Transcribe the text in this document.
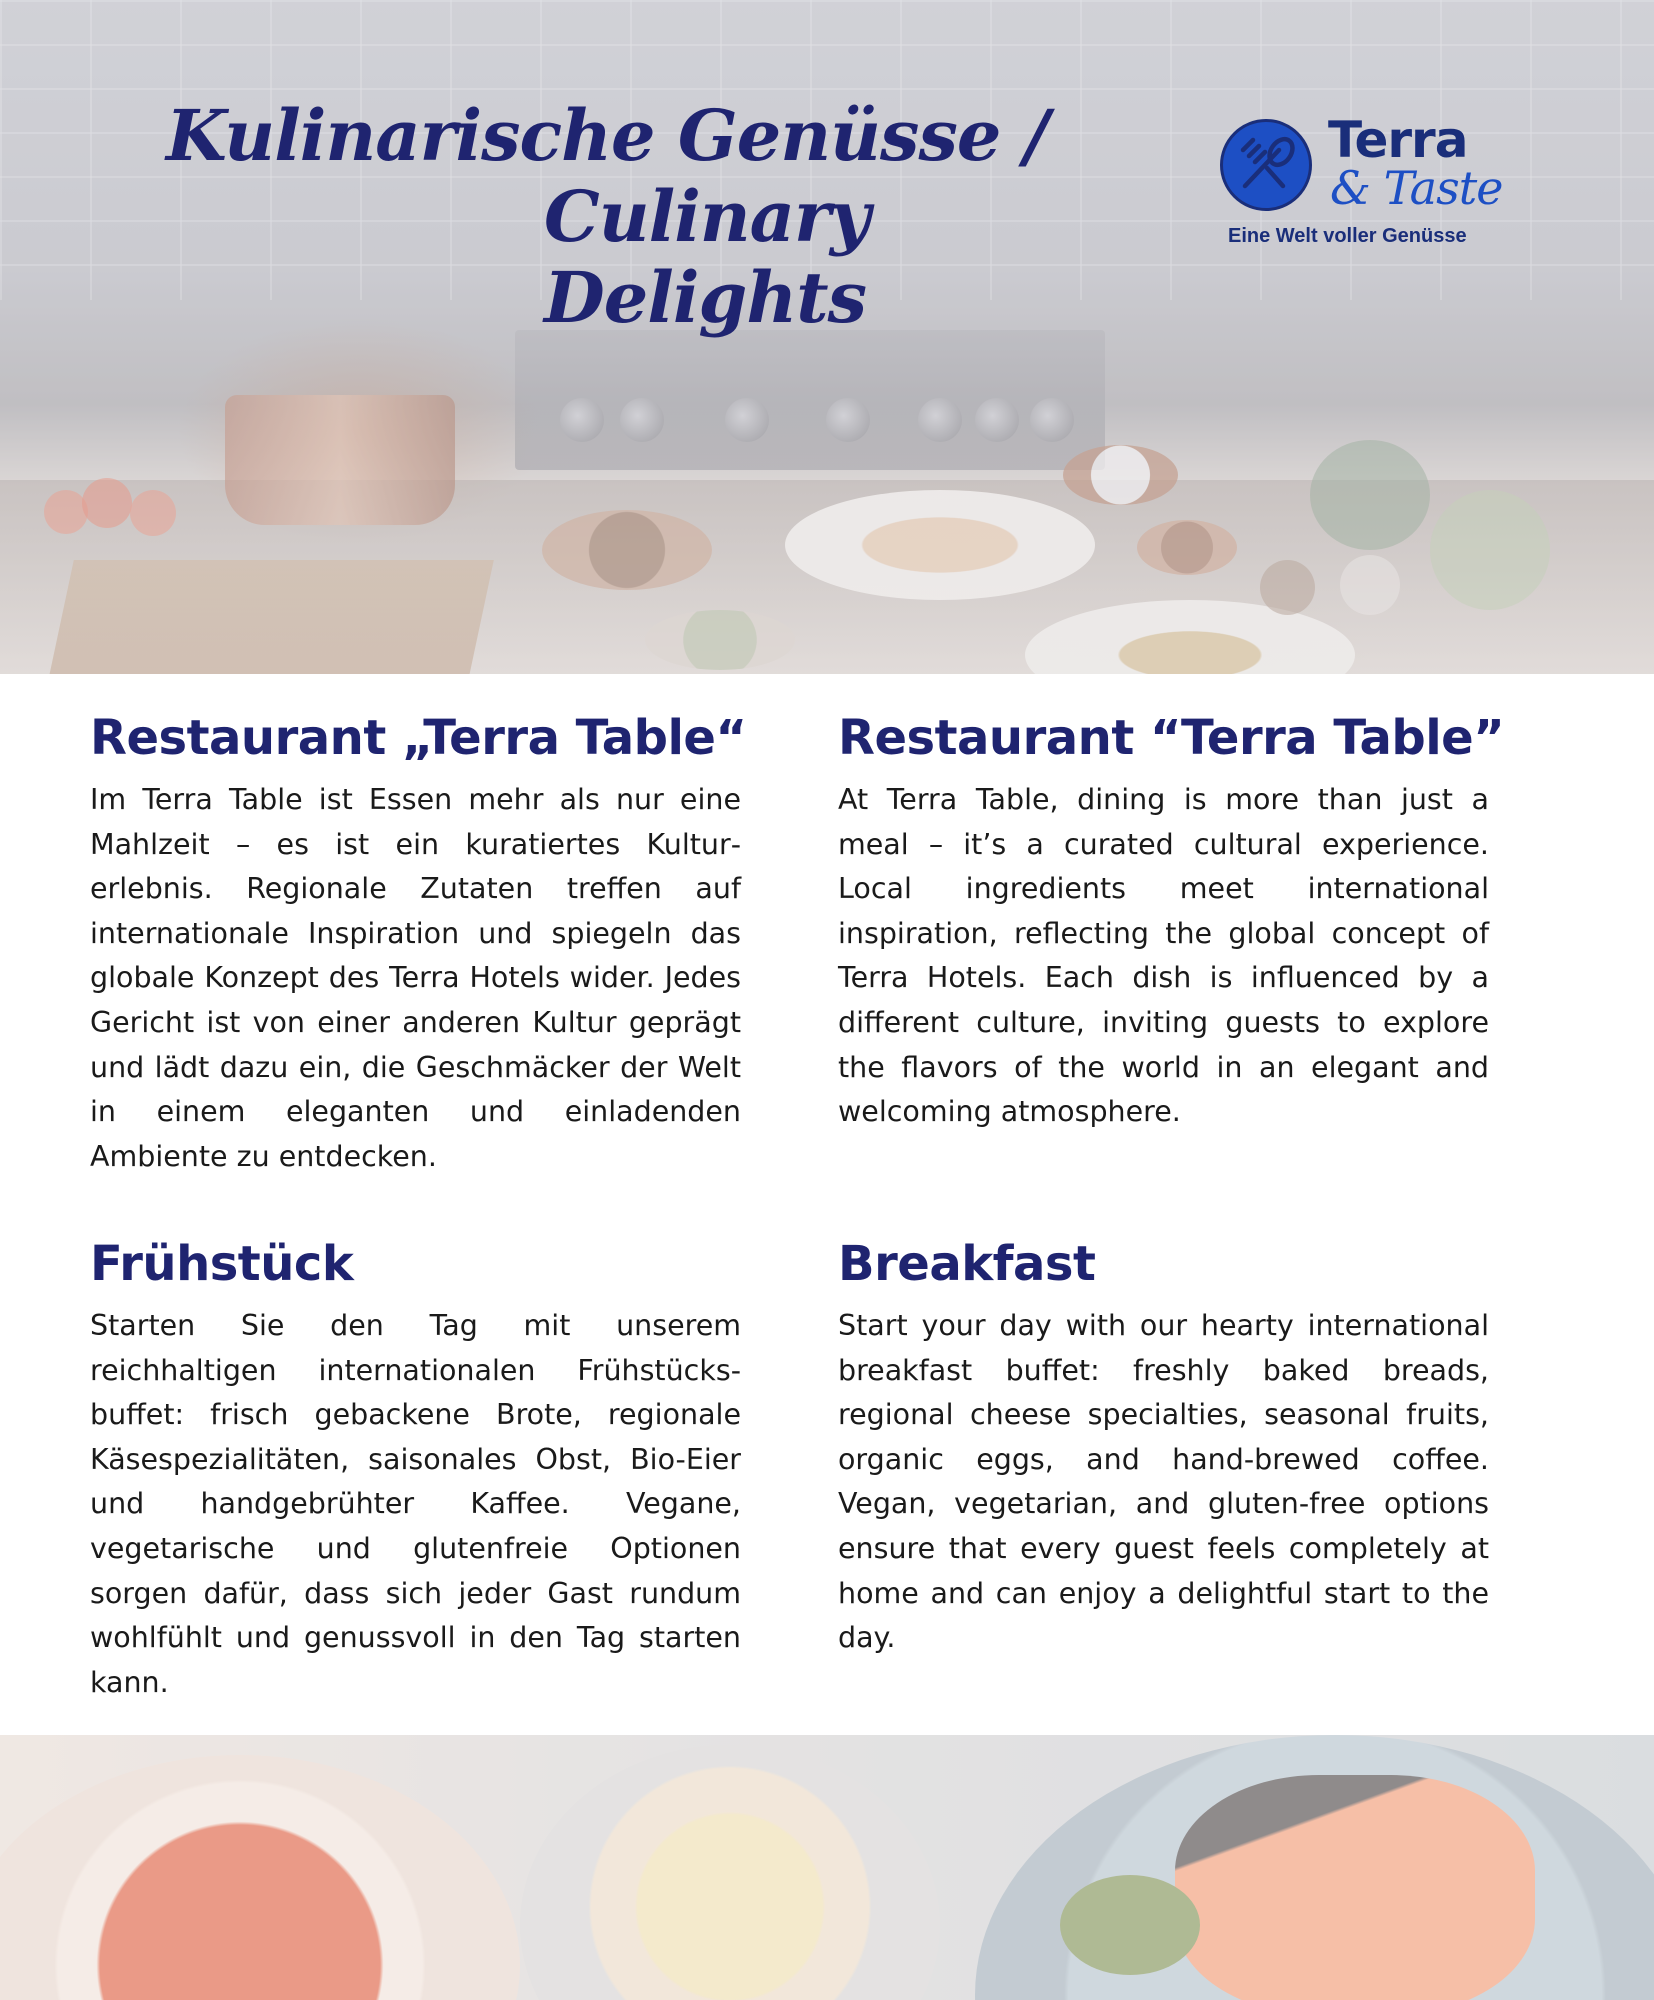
Kulinarische Genüsse /
Culinary Delights
Terra
& Taste
Eine Welt voller Genüsse
Restaurant „Terra Table“

Im Terra Table ist Essen mehr als nur eine Mahlzeit – es ist ein kuratiertes Kulturerlebnis. Regionale Zutaten treffen auf internationale Inspiration und spiegeln das globale Konzept des Terra Hotels wider. Jedes Gericht ist von einer anderen Kultur geprägt und lädt dazu ein, die Geschmäcker der Welt in einem eleganten und einladenden Ambiente zu entdecken.

Restaurant “Terra Table”

At Terra Table, dining is more than just a meal – it’s a curated cultural experience. Local ingredients meet international inspiration, reflecting the global concept of Terra Hotels. Each dish is influenced by a different culture, inviting guests to explore the flavors of the world in an elegant and welcoming atmosphere.

Frühstück

Starten Sie den Tag mit unserem reichhaltigen internationalen Frühstücksbuffet: frisch gebackene Brote, regionale Käsespezialitäten, saisonales Obst, Bio-Eier und handgebrühter Kaffee. Vegane, vegetarische und glutenfreie Optionen sorgen dafür, dass sich jeder Gast rundum wohlfühlt und genussvoll in den Tag starten kann.

Breakfast

Start your day with our hearty international breakfast buffet: freshly baked breads, regional cheese specialties, seasonal fruits, organic eggs, and hand-brewed coffee. Vegan, vegetarian, and gluten-free options ensure that every guest feels completely at home and can enjoy a delightful start to the day.
